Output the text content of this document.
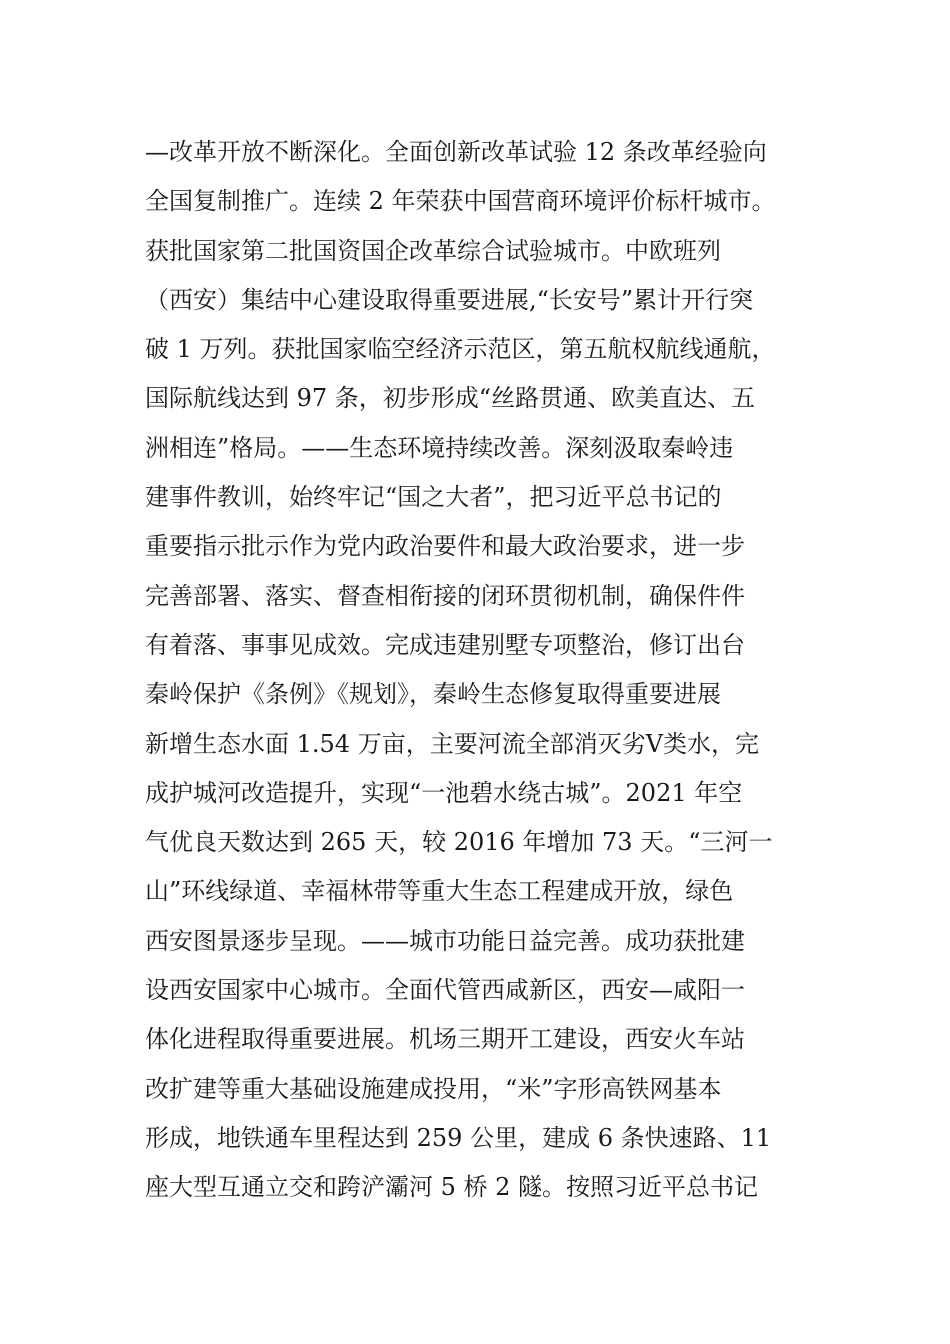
—改革开放不断深化。全面创新改革试验 12 条改革经验向
全国复制推广。连续 2 年荣获中国营商环境评价标杆城市。
获批国家第二批国资国企改革综合试验城市。中欧班列
（西安）集结中心建设取得重要进展,“长安号”累计开行突
破 1 万列。获批国家临空经济示范区，第五航权航线通航，
国际航线达到 97 条，初步形成“丝路贯通、欧美直达、五
洲相连”格局。——生态环境持续改善。深刻汲取秦岭违
建事件教训，始终牢记“国之大者”，把习近平总书记的
重要指示批示作为党内政治要件和最大政治要求，进一步
完善部署、落实、督查相衔接的闭环贯彻机制，确保件件
有着落、事事见成效。完成违建别墅专项整治，修订出台
秦岭保护《条例》《规划》，秦岭生态修复取得重要进展
新增生态水面 1.54 万亩，主要河流全部消灭劣Ⅴ类水，完
成护城河改造提升，实现“一池碧水绕古城”。2021 年空
气优良天数达到 265 天，较 2016 年增加 73 天。“三河一
山”环线绿道、幸福林带等重大生态工程建成开放，绿色
西安图景逐步呈现。——城市功能日益完善。成功获批建
设西安国家中心城市。全面代管西咸新区，西安—咸阳一
体化进程取得重要进展。机场三期开工建设，西安火车站
改扩建等重大基础设施建成投用，“米”字形高铁网基本
形成，地铁通车里程达到 259 公里，建成 6 条快速路、11
座大型互通立交和跨浐灞河 5 桥 2 隧。按照习近平总书记
